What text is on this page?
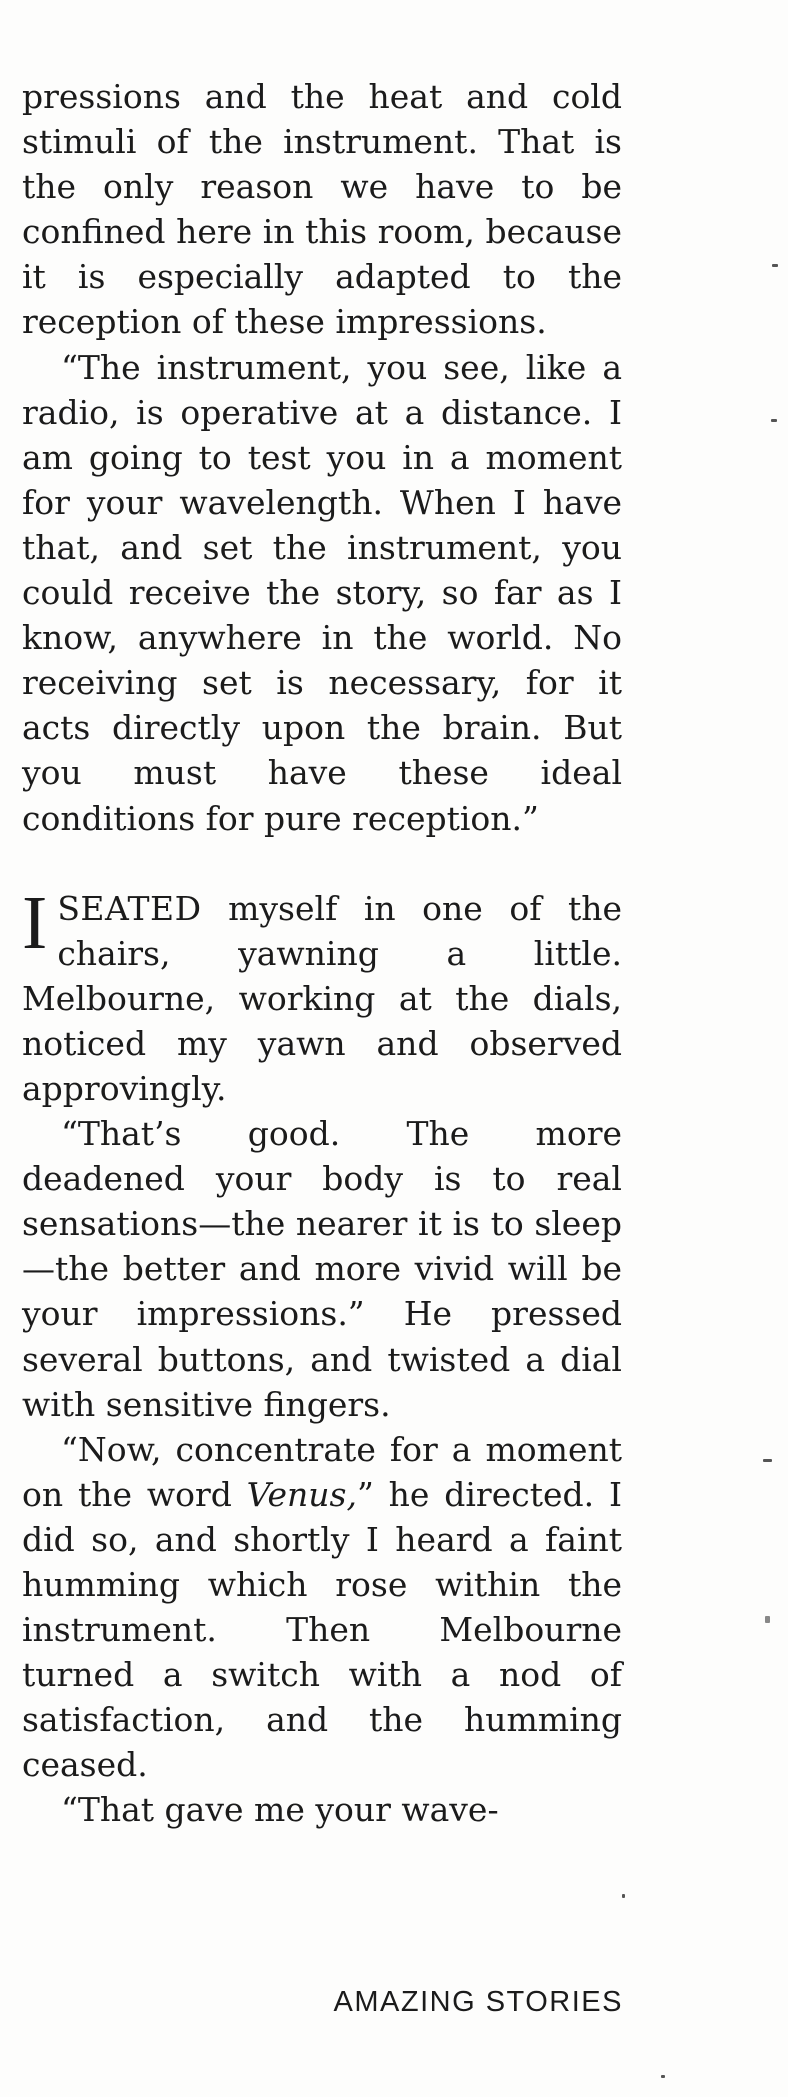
pressions and the heat and cold stimuli of the instrument. That is the only reason we have to be confined here in this room, because it is especially adapted to the reception of these impressions.

“The instrument, you see, like a radio, is operative at a distance. I am going to test you in a moment for your wavelength. When I have that, and set the instrument, you could receive the story, so far as I know, anywhere in the world. No receiving set is necessary, for it acts directly upon the brain. But you must have these ideal conditions for pure reception.”

ISEATED myself in one of the chairs, yawning a little. Melbourne, working at the dials, noticed my yawn and observed approvingly.

“That’s good. The more deadened your body is to real sensations—the nearer it is to sleep—the better and more vivid will be your impressions.” He pressed several buttons, and twisted a dial with sensitive fingers.

“Now, concentrate for a moment on the word Venus,” he directed. I did so, and shortly I heard a faint humming which rose within the instrument. Then Melbourne turned a switch with a nod of satisfaction, and the humming ceased.

“That gave me your wave-

AMAZING STORIES
